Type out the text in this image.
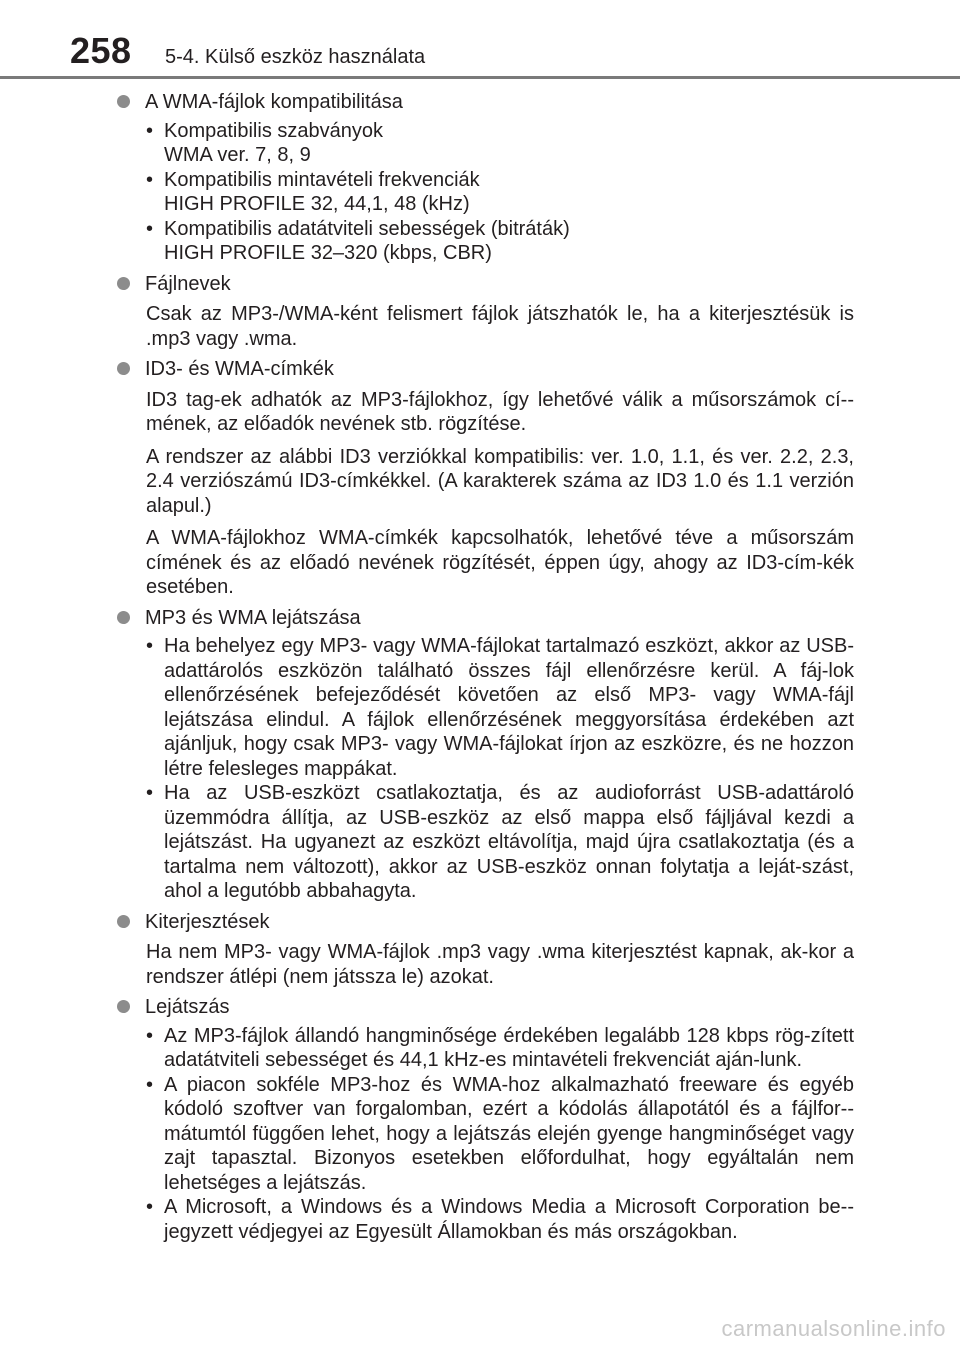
258 5-4. Külső eszköz használata
A WMA-fájlok kompatibilitása
• Kompatibilis szabványok
WMA ver. 7, 8, 9
• Kompatibilis mintavételi frekvenciák
HIGH PROFILE 32, 44,1, 48 (kHz)
• Kompatibilis adatátviteli sebességek (bitráták)
HIGH PROFILE 32–320 (kbps, CBR)
Fájlnevek

Csak az MP3-/WMA-ként felismert fájlok játszhatók le, ha a kiterjesztésük is .mp3 vagy .wma.

ID3- és WMA-címkék

ID3 tag-ek adhatók az MP3-fájlokhoz, így lehetővé válik a műsorszámok cí-mének, az előadók nevének stb. rögzítése.

A rendszer az alábbi ID3 verziókkal kompatibilis: ver. 1.0, 1.1, és ver. 2.2, 2.3, 2.4 verziószámú ID3-címkékkel. (A karakterek száma az ID3 1.0 és 1.1 verzión alapul.)

A WMA-fájlokhoz WMA-címkék kapcsolhatók, lehetővé téve a műsorszám címének és az előadó nevének rögzítését, éppen úgy, ahogy az ID3-cím-kék esetében.

MP3 és WMA lejátszása
• Ha behelyez egy MP3- vagy WMA-fájlokat tartalmazó eszközt, akkor az USB-adattárolós eszközön található összes fájl ellenőrzésre kerül. A fáj-lok ellenőrzésének befejeződését követően az első MP3- vagy WMA-fájl lejátszása elindul. A fájlok ellenőrzésének meggyorsítása érdekében azt ajánljuk, hogy csak MP3- vagy WMA-fájlokat írjon az eszközre, és ne hozzon létre felesleges mappákat.
• Ha az USB-eszközt csatlakoztatja, és az audioforrást USB-adattároló üzemmódra állítja, az USB-eszköz az első mappa első fájljával kezdi a lejátszást. Ha ugyanezt az eszközt eltávolítja, majd újra csatlakoztatja (és a tartalma nem változott), akkor az USB-eszköz onnan folytatja a leját-szást, ahol a legutóbb abbahagyta.
Kiterjesztések

Ha nem MP3- vagy WMA-fájlok .mp3 vagy .wma kiterjesztést kapnak, ak-kor a rendszer átlépi (nem játssza le) azokat.

Lejátszás
• Az MP3-fájlok állandó hangminősége érdekében legalább 128 kbps rög-zített adatátviteli sebességet és 44,1 kHz-es mintavételi frekvenciát aján-lunk.
• A piacon sokféle MP3-hoz és WMA-hoz alkalmazható freeware és egyéb kódoló szoftver van forgalomban, ezért a kódolás állapotától és a fájlfor-mátumtól függően lehet, hogy a lejátszás elején gyenge hangminőséget vagy zajt tapasztal. Bizonyos esetekben előfordulhat, hogy egyáltalán nem lehetséges a lejátszás.
• A Microsoft, a Windows és a Windows Media a Microsoft Corporation be-jegyzett védjegyei az Egyesült Államokban és más országokban.
carmanualsonline.info
